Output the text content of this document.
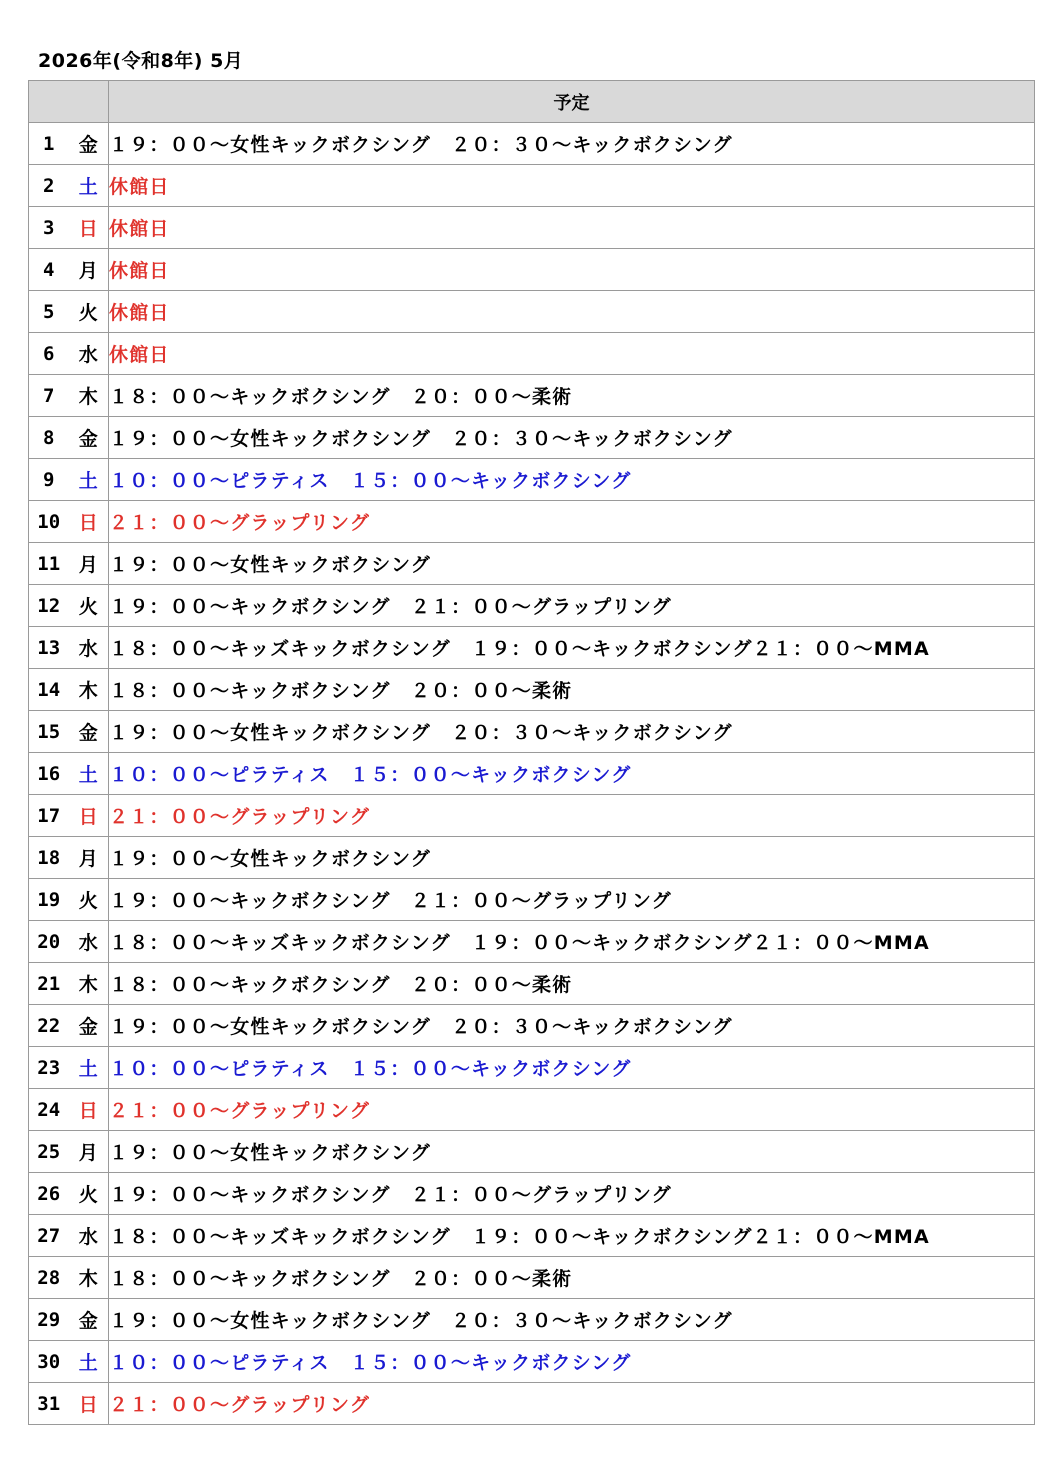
2026年(令和8年) 5月
		予定
1	金	１９：００～女性キックボクシング　２０：３０～キックボクシング
2	土	休館日
3	日	休館日
4	月	休館日
5	火	休館日
6	水	休館日
7	木	１８：００～キックボクシング　２０：００～柔術
8	金	１９：００～女性キックボクシング　２０：３０～キックボクシング
9	土	１０：００～ピラティス　１５：００～キックボクシング
10	日	２１：００～グラップリング
11	月	１９：００～女性キックボクシング
12	火	１９：００～キックボクシング　２１：００～グラップリング
13	水	１８：００～キッズキックボクシング　１９：００～キックボクシング２１：００～MMA
14	木	１８：００～キックボクシング　２０：００～柔術
15	金	１９：００～女性キックボクシング　２０：３０～キックボクシング
16	土	１０：００～ピラティス　１５：００～キックボクシング
17	日	２１：００～グラップリング
18	月	１９：００～女性キックボクシング
19	火	１９：００～キックボクシング　２１：００～グラップリング
20	水	１８：００～キッズキックボクシング　１９：００～キックボクシング２１：００～MMA
21	木	１８：００～キックボクシング　２０：００～柔術
22	金	１９：００～女性キックボクシング　２０：３０～キックボクシング
23	土	１０：００～ピラティス　１５：００～キックボクシング
24	日	２１：００～グラップリング
25	月	１９：００～女性キックボクシング
26	火	１９：００～キックボクシング　２１：００～グラップリング
27	水	１８：００～キッズキックボクシング　１９：００～キックボクシング２１：００～MMA
28	木	１８：００～キックボクシング　２０：００～柔術
29	金	１９：００～女性キックボクシング　２０：３０～キックボクシング
30	土	１０：００～ピラティス　１５：００～キックボクシング
31	日	２１：００～グラップリング
